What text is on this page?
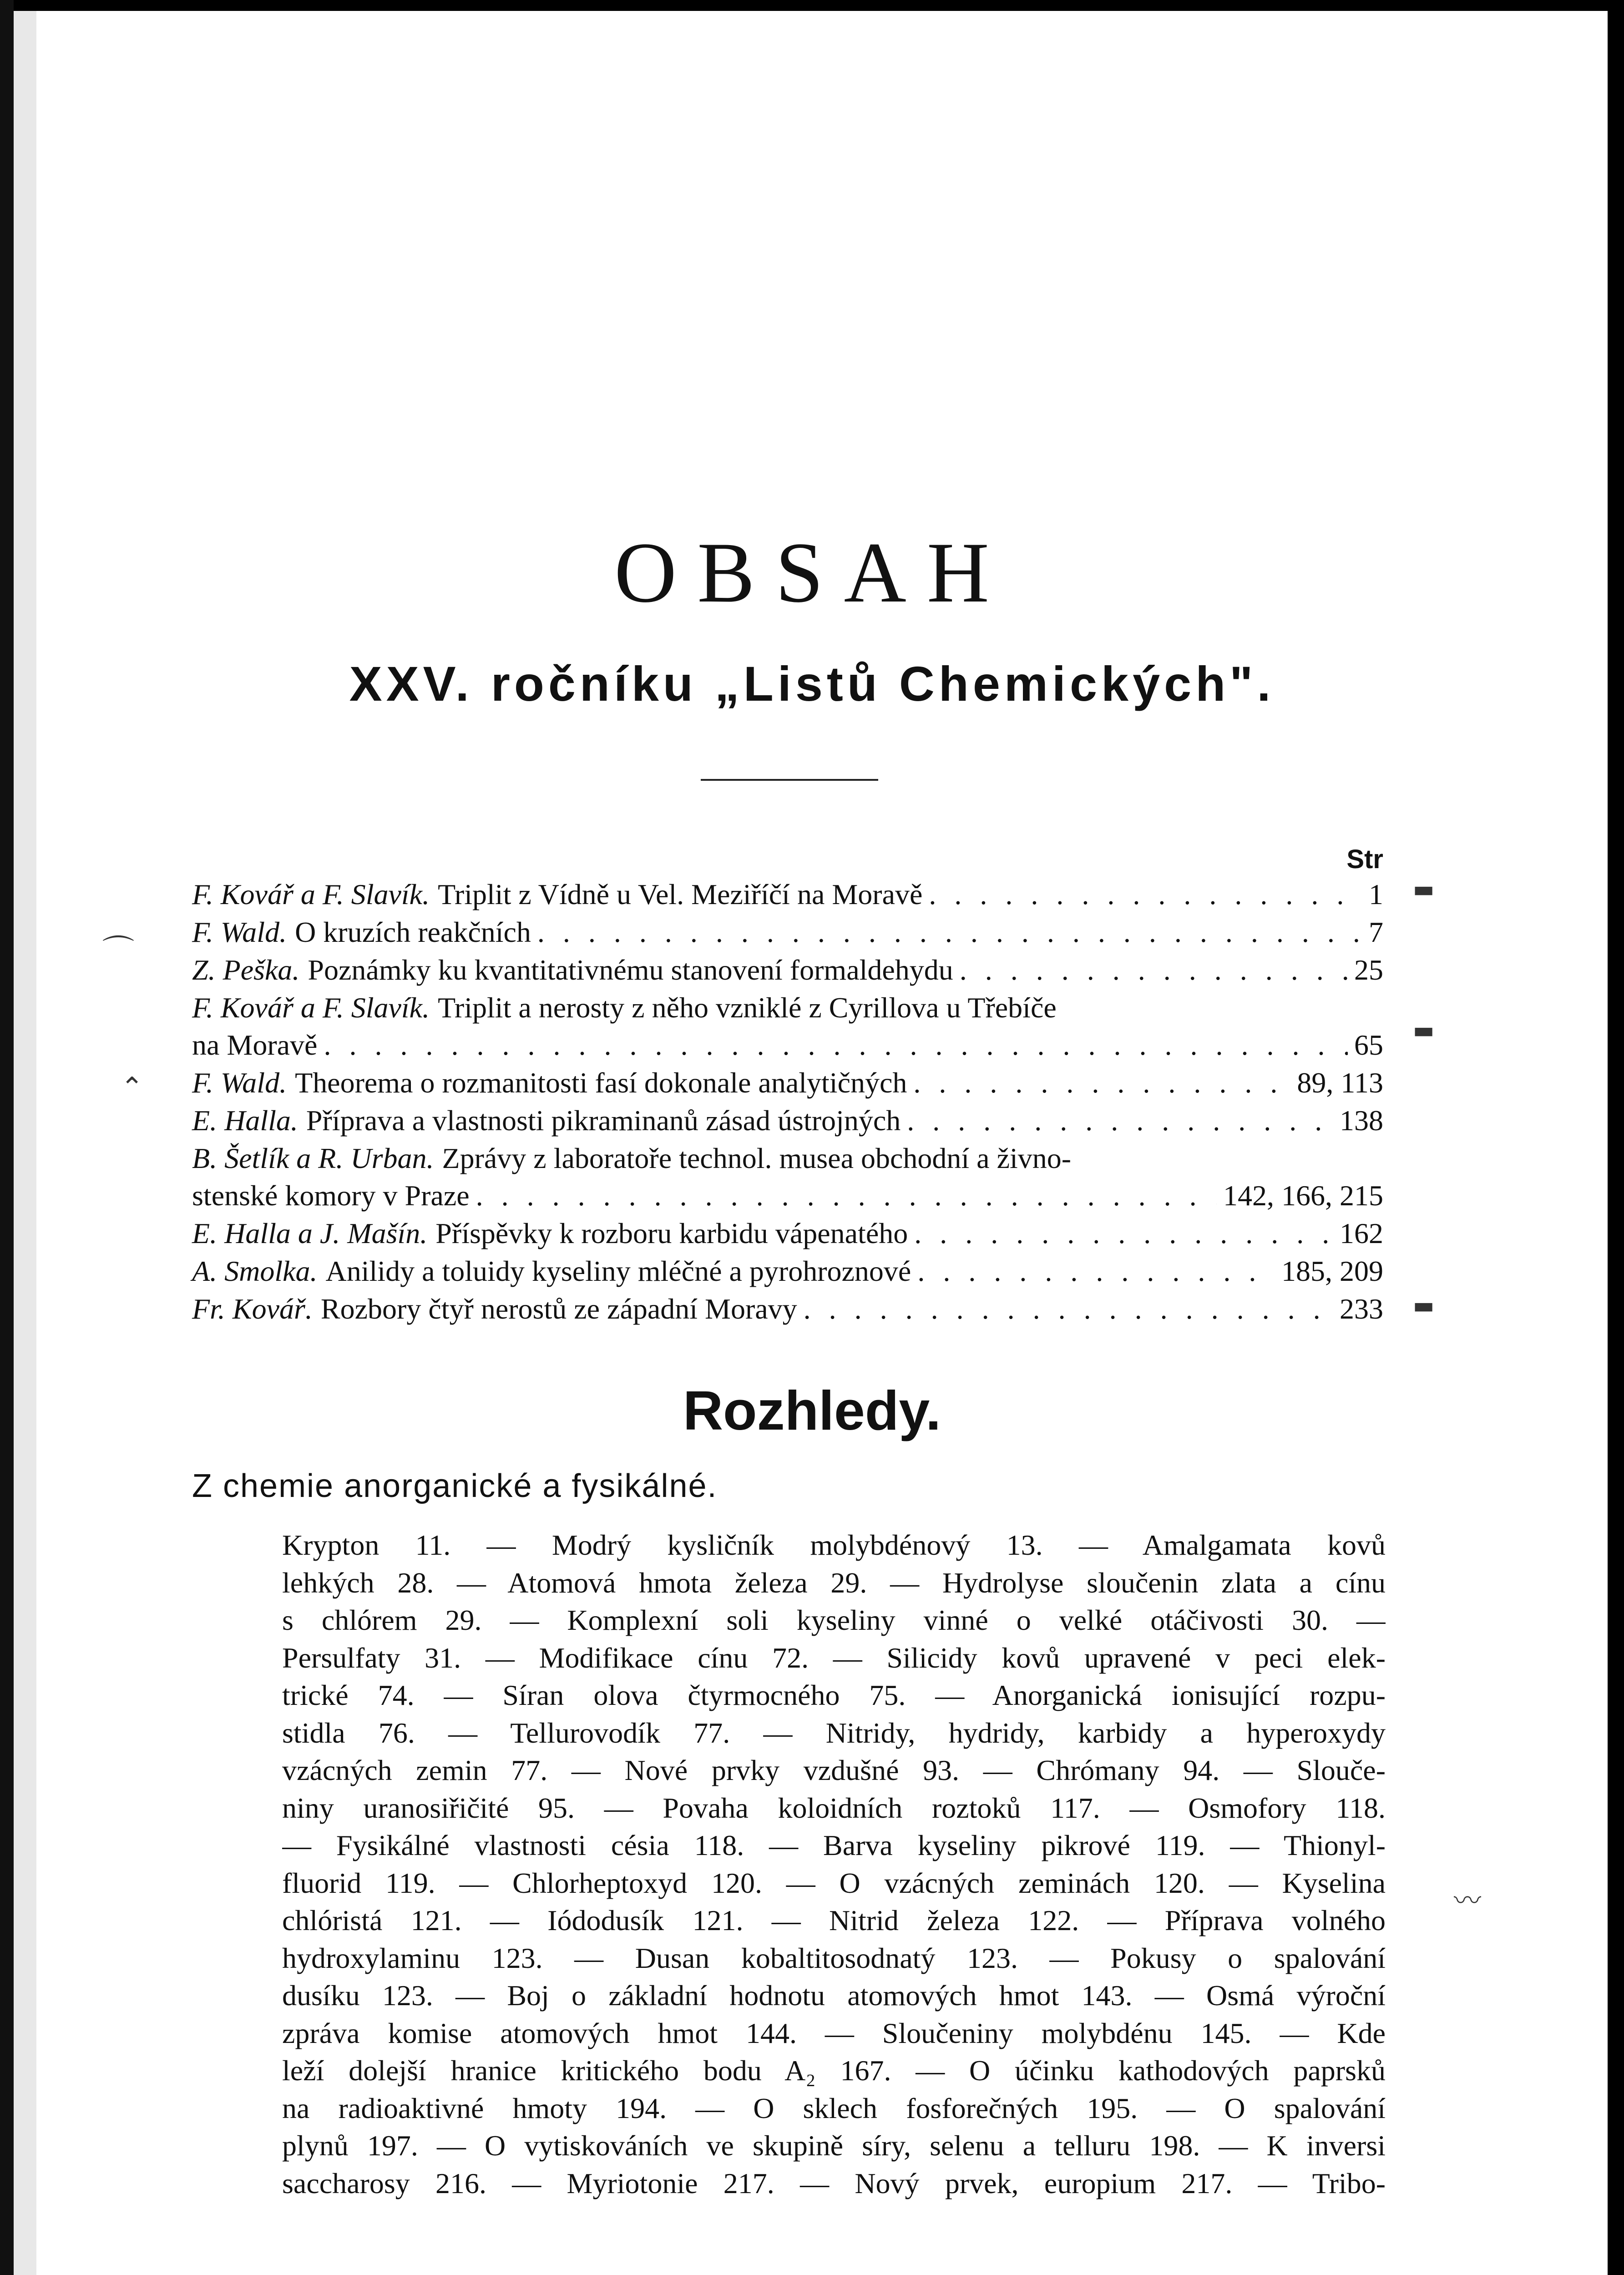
OBSAH
XXV. ročníku „Listů Chemických".
Str
F. Kovář a F. Slavík. Triplit z Vídně u Vel. Meziříčí na Moravě . . .	1
F. Wald. O kruzích reakčních . . .	7
Z. Peška. Poznámky ku kvantitativnému stanovení formaldehydu . . .	25
F. Kovář a F. Slavík. Triplit a nerosty z něho vzniklé z Cyrillova u Třebíče
na Moravě . . .	65
F. Wald. Theorema o rozmanitosti fasí dokonale analytičných . . .	89, 113
E. Halla. Příprava a vlastnosti pikraminanů zásad ústrojných . . .	138
B. Šetlík a R. Urban. Zprávy z laboratoře technol. musea obchodní a živno-
stenské komory v Praze . . .	142, 166, 215
E. Halla a J. Mašín. Příspěvky k rozboru karbidu vápenatého . . .	162
A. Smolka. Anilidy a toluidy kyseliny mléčné a pyrohroznové . . .	185, 209
Fr. Kovář. Rozbory čtyř nerostů ze západní Moravy . . .	233
▬
▬
▬
⌒
⌃
〰
Rozhledy.
Z chemie anorganické a fysikálné.
Krypton 11. — Modrý kysličník molybdénový 13. — Amalgamata kovů
lehkých 28. — Atomová hmota železa 29. — Hydrolyse sloučenin zlata a cínu
s chlórem 29. — Komplexní soli kyseliny vinné o velké otáčivosti 30. —
Persulfaty 31. — Modifikace cínu 72. — Silicidy kovů upravené v peci elek-
trické 74. — Síran olova čtyrmocného 75. — Anorganická ionisující rozpu-
stidla 76. — Tellurovodík 77. — Nitridy, hydridy, karbidy a hyperoxydy
vzácných zemin 77. — Nové prvky vzdušné 93. — Chrómany 94. — Slouče-
niny uranosiřičité 95. — Povaha koloidních roztoků 117. — Osmofory 118.
— Fysikálné vlastnosti césia 118. — Barva kyseliny pikrové 119. — Thionyl-
fluorid 119. — Chlorheptoxyd 120. — O vzácných zeminách 120. — Kyselina
chlóristá 121. — Iódodusík 121. — Nitrid železa 122. — Příprava volného
hydroxylaminu 123. — Dusan kobaltitosodnatý 123. — Pokusy o spalování
dusíku 123. — Boj o základní hodnotu atomových hmot 143. — Osmá výroční
zpráva komise atomových hmot 144. — Sloučeniny molybdénu 145. — Kde
leží dolejší hranice kritického bodu A₂ 167. — O účinku kathodových paprsků
na radioaktivné hmoty 194. — O sklech fosforečných 195. — O spalování
plynů 197. — O vytiskováních ve skupině síry, selenu a telluru 198. — K inversi
saccharosy 216. — Myriotonie 217. — Nový prvek, europium 217. — Tribo-
